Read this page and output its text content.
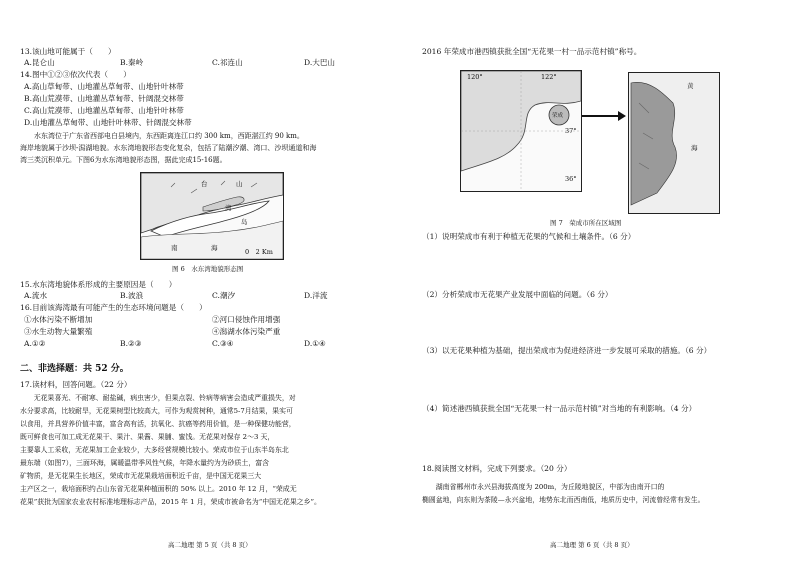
13.该山地可能属于（　　）
A.昆仑山	B.秦岭	C.祁连山	D.大巴山
14.图中①②③依次代表（　　）
A.高山草甸带、山地灌丛草甸带、山地针叶林带
B.高山荒漠带、山地灌丛草甸带、针阔混交林带
C.高山荒漠带、山地灌丛草甸带、山地针叶林带
D.山地灌丛草甸带、山地针叶林带、针阔混交林带
　　水东湾位于广东省西部电白县境内，东西距离连江口约 300 km，西距湛江约 90 km。
海岸地貌属于沙坝-潟湖地貌。水东湾地貌形态变化复杂，包括了陆潮汐潮、湾口、沙坝通道和海
湾三类沉积单元。下图6为水东湾地貌形态图，据此完成15-16题。
台	山
南	海
湾
岛
0　2 Km
图 6　水东湾地貌形态图
15.水东湾地貌体系形成的主要原因是（　　）
A.流水	B.波浪	C.潮汐	D.洋流
16.目前该海湾最有可能产生的生态环境问题是（　　）
①水体污染不断增加	②河口侵蚀作用增强
③水生动物大量繁殖	④潟湖水体污染严重
A.①②	B.②③	C.③④	D.①④
二、非选择题：共 52 分。
17.读材料，回答问题。（22 分）
　　无花果喜光、不耐寒、耐盐碱，病虫害少，但果点裂、铃病等病害会造成严重损失，对
水分要求高，比较耐旱，无花果树型比较高大，可作为观赏树种，通常5-7月结果，果实可
以食用，并具营养价值丰富，富含高有活，抗氧化、抗癌等药用价值，是一种保健功能营，
既可鲜食也可加工成无花果干、果汁、果酱、果脯、蜜饯。无花果对保存 2～3 天，
主要靠人工采收，无花果加工企业较少，大多经营规模比较小。荣成市位于山东半岛东北
最东端（如图7），三面环海，属暖温带季风性气候，年降水量约为为砂质土，富含
矿物质，是无花果生长地区，荣成市无花果栽培面积近千亩，是中国无花果三大
主产区之一，栽培面积约占山东省无花果种植面积的 50% 以上。2010 年 12 月，“荣成无
花果”获批为国家农业农村标准地理标志产品，2015 年 1 月，荣成市被命名为“中国无花果之乡”。
高二地理 第 5 页（共 8 页）
2016 年荣成市港西镇获批全国“无花果一村一品示范村镇”称号。
120°	122°
37°
36°
荣成
黄
海
图 7　荣成市所在区域图
（1）说明荣成市有利于种植无花果的气候和土壤条件。（6 分）
（2）分析荣成市无花果产业发展中面临的问题。（6 分）
（3）以无花果种植为基础，提出荣成市为促进经济进一步发展可采取的措施。（6 分）
（4）简述港西镇获批全国“无花果一村一品示范村镇”对当地的有利影响。（4 分）
18.阅读图文材料，完成下列要求。（20 分）
　　湖南省郴州市永兴县海拔高度为 200m，为丘陵地貌区，中部为由南开口的
椭圆盆地，向东则为茶陵—永兴盆地，地势东北而西南低，地质历史中，河流曾经常有发生。
高二地理 第 6 页（共 8 页）
